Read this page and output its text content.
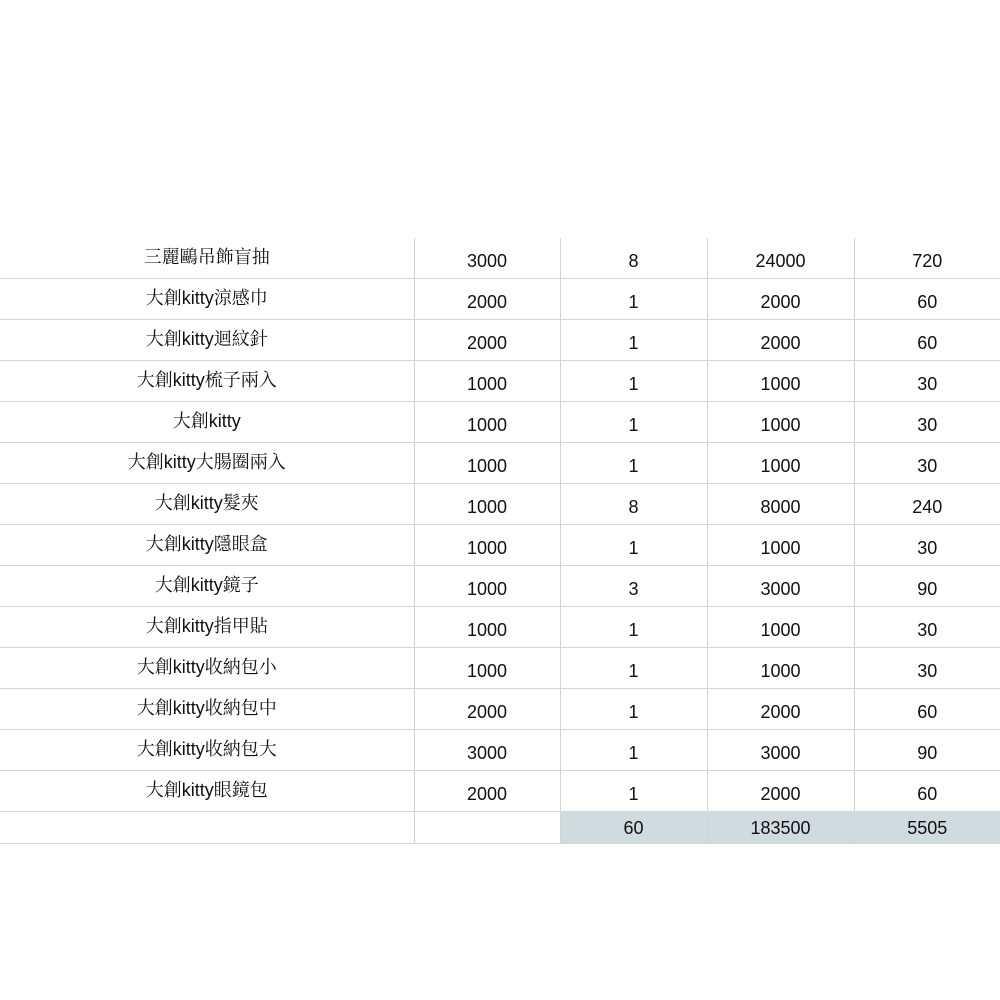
三麗鷗吊飾盲抽	3000	8	24000	720
大創kitty涼感巾	2000	1	2000	60
大創kitty迴紋針	2000	1	2000	60
大創kitty梳子兩入	1000	1	1000	30
大創kitty	1000	1	1000	30
大創kitty大腸圈兩入	1000	1	1000	30
大創kitty髮夾	1000	8	8000	240
大創kitty隱眼盒	1000	1	1000	30
大創kitty鏡子	1000	3	3000	90
大創kitty指甲貼	1000	1	1000	30
大創kitty收納包小	1000	1	1000	30
大創kitty收納包中	2000	1	2000	60
大創kitty收納包大	3000	1	3000	90
大創kitty眼鏡包	2000	1	2000	60
		60	183500	5505
